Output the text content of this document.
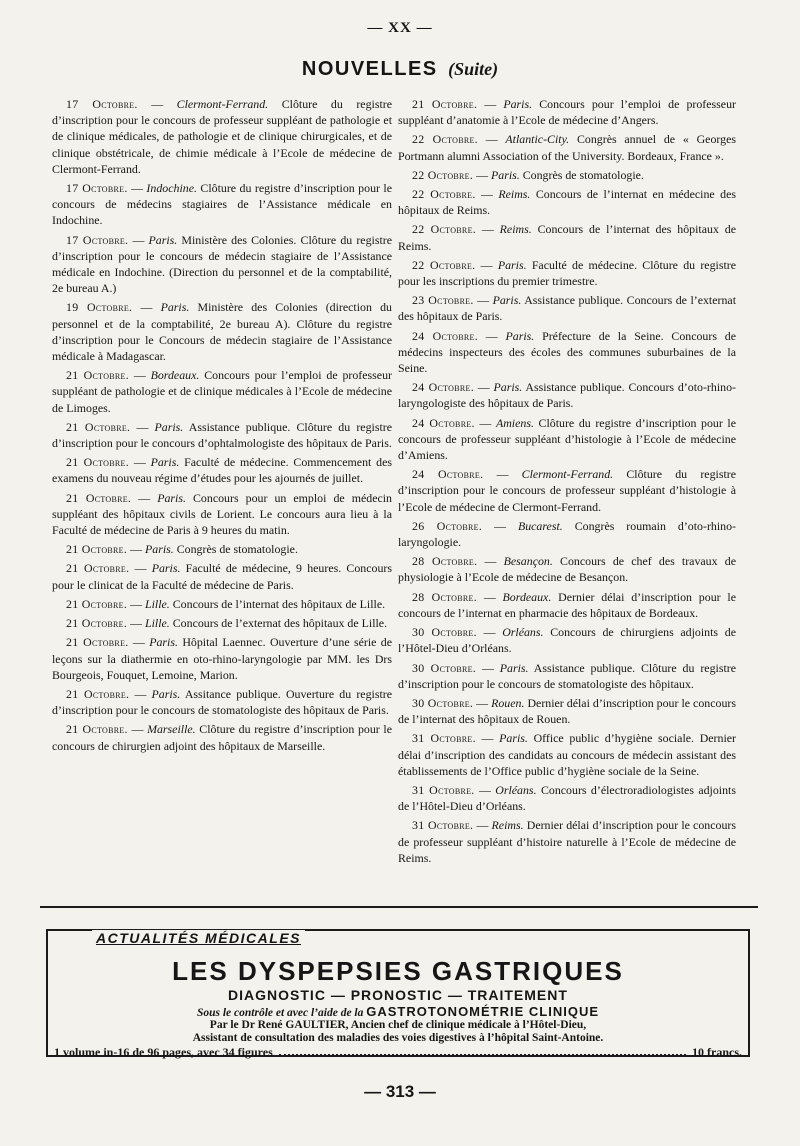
— XX —
NOUVELLES (Suite)

17 Octobre. — Clermont-Ferrand. Clôture du registre d’inscription pour le concours de professeur suppléant de pathologie et de clinique médicales, de pathologie et de clinique chirurgicales, et de clinique obstétricale, de chimie médicale à l’Ecole de médecine de Clermont-Ferrand.

17 Octobre. — Indochine. Clôture du registre d’inscription pour le concours de médecins stagiaires de l’Assistance médicale en Indochine.

17 Octobre. — Paris. Ministère des Colonies. Clôture du registre d’inscription pour le concours de médecin stagiaire de l’Assistance médicale en Indochine. (Direction du personnel et de la comptabilité, 2e bureau A.)

19 Octobre. — Paris. Ministère des Colonies (direction du personnel et de la comptabilité, 2e bureau A). Clôture du registre d’inscription pour le Concours de médecin stagiaire de l’Assistance médicale à Madagascar.

21 Octobre. — Bordeaux. Concours pour l’emploi de professeur suppléant de pathologie et de clinique médicales à l’Ecole de médecine de Limoges.

21 Octobre. — Paris. Assistance publique. Clôture du registre d’inscription pour le concours d’ophtalmologiste des hôpitaux de Paris.

21 Octobre. — Paris. Faculté de médecine. Commencement des examens du nouveau régime d’études pour les ajournés de juillet.

21 Octobre. — Paris. Concours pour un emploi de médecin suppléant des hôpitaux civils de Lorient. Le concours aura lieu à la Faculté de médecine de Paris à 9 heures du matin.

21 Octobre. — Paris. Congrès de stomatologie.

21 Octobre. — Paris. Faculté de médecine, 9 heures. Concours pour le clinicat de la Faculté de médecine de Paris.

21 Octobre. — Lille. Concours de l’internat des hôpitaux de Lille.

21 Octobre. — Lille. Concours de l’externat des hôpitaux de Lille.

21 Octobre. — Paris. Hôpital Laennec. Ouverture d’une série de leçons sur la diathermie en oto-rhino-laryngologie par MM. les Drs Bourgeois, Fouquet, Lemoine, Marion.

21 Octobre. — Paris. Assitance publique. Ouverture du registre d’inscription pour le concours de stomatologiste des hôpitaux de Paris.

21 Octobre. — Marseille. Clôture du registre d’inscription pour le concours de chirurgien adjoint des hôpitaux de Marseille.

21 Octobre. — Paris. Concours pour l’emploi de professeur suppléant d’anatomie à l’Ecole de médecine d’Angers.

22 Octobre. — Atlantic-City. Congrès annuel de « Georges Portmann alumni Association of the University. Bordeaux, France ».

22 Octobre. — Paris. Congrès de stomatologie.

22 Octobre. — Reims. Concours de l’internat en médecine des hôpitaux de Reims.

22 Octobre. — Reims. Concours de l’internat des hôpitaux de Reims.

22 Octobre. — Paris. Faculté de médecine. Clôture du registre pour les inscriptions du premier trimestre.

23 Octobre. — Paris. Assistance publique. Concours de l’externat des hôpitaux de Paris.

24 Octobre. — Paris. Préfecture de la Seine. Concours de médecins inspecteurs des écoles des communes suburbaines de la Seine.

24 Octobre. — Paris. Assistance publique. Concours d’oto-rhino-laryngologiste des hôpitaux de Paris.

24 Octobre. — Amiens. Clôture du registre d’inscription pour le concours de professeur suppléant d’histologie à l’Ecole de médecine d’Amiens.

24 Octobre. — Clermont-Ferrand. Clôture du registre d’inscription pour le concours de professeur suppléant d’histologie à l’Ecole de médecine de Clermont-Ferrand.

26 Octobre. — Bucarest. Congrès roumain d’oto-rhino-laryngologie.

28 Octobre. — Besançon. Concours de chef des travaux de physiologie à l’Ecole de médecine de Besançon.

28 Octobre. — Bordeaux. Dernier délai d’inscription pour le concours de l’internat en pharmacie des hôpitaux de Bordeaux.

30 Octobre. — Orléans. Concours de chirurgiens adjoints de l’Hôtel-Dieu d’Orléans.

30 Octobre. — Paris. Assistance publique. Clôture du registre d’inscription pour le concours de stomatologiste des hôpitaux.

30 Octobre. — Rouen. Dernier délai d’inscription pour le concours de l’internat des hôpitaux de Rouen.

31 Octobre. — Paris. Office public d’hygiène sociale. Dernier délai d’inscription des candidats au concours de médecin assistant des établissements de l’Office public d’hygiène sociale de la Seine.

31 Octobre. — Orléans. Concours d’électroradiologistes adjoints de l’Hôtel-Dieu d’Orléans.

31 Octobre. — Reims. Dernier délai d’inscription pour le concours de professeur suppléant d’histoire naturelle à l’Ecole de médecine de Reims.

ACTUALITÉS MÉDICALES
LES DYSPEPSIES GASTRIQUES
DIAGNOSTIC — PRONOSTIC — TRAITEMENT
Sous le contrôle et avec l’aide de la GASTROTONOMÉTRIE CLINIQUE
Par le Dr René GAULTIER, Ancien chef de clinique médicale à l’Hôtel-Dieu,
Assistant de consultation des maladies des voies digestives à l’hôpital Saint-Antoine.
1 volume in-16 de 96 pages, avec 34 figures	10 francs.
— 313 —
